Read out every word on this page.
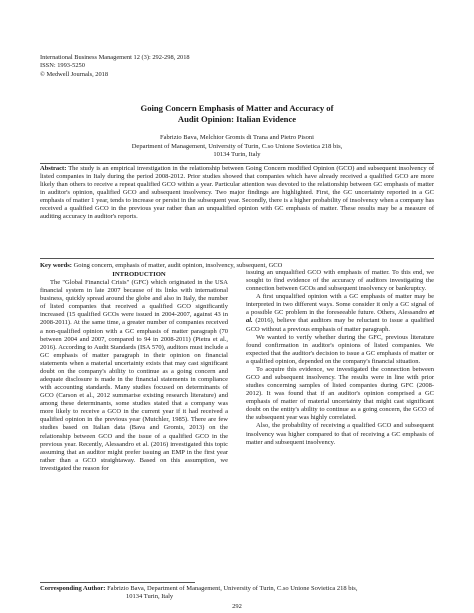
International Business Management 12 (3): 292-298, 2018
ISSN: 1993-5250
© Medwell Journals, 2018
Going Concern Emphasis of Matter and Accuracy of
Audit Opinion: Italian Evidence
Fabrizio Bava, Melchior Gromis di Trana and Pietro Pisoni
Department of Management, University of Turin, C.so Unione Sovietica 218 bis,
10134 Turin, Italy
Abstract: The study is an empirical investigation in the relationship between Going Concern modified Opinion (GCO) and subsequent insolvency of listed companies in Italy during the period 2008-2012. Prior studies showed that companies which have already received a qualified GCO are more likely than others to receive a repeat qualified GCO within a year. Particular attention was devoted to the relationship between GC emphasis of matter in auditor's opinion, qualified GCO and subsequent insolvency. Two major findings are highlighted. First, the GC uncertainty reported in a GC emphasis of matter 1 year, tends to increase or persist in the subsequent year. Secondly, there is a higher probability of insolvency when a company has received a qualified GCO in the previous year rather than an unqualified opinion with GC emphasis of matter. These results may be a measure of auditing accuracy in auditor's reports.
Key words: Going concern, emphasis of matter, audit opinion, insolvency, subsequent, GCO

INTRODUCTION

The "Global Financial Crisis" (GFC) which originated in the USA financial system in late 2007 because of its links with international business, quickly spread around the globe and also in Italy, the number of listed companies that received a qualified GCO significantly increased (15 qualified GCOs were issued in 2004-2007, against 43 in 2008-2011). At the same time, a greater number of companies received a non-qualified opinion with a GC emphasis of matter paragraph (70 between 2004 and 2007, compared to 94 in 2008-2011) (Pietra et al., 2016). According to Audit Standards (ISA 570), auditors must include a GC emphasis of matter paragraph in their opinion on financial statements when a material uncertainty exists that may cast significant doubt on the company's ability to continue as a going concern and adequate disclosure is made in the financial statements in compliance with accounting standards. Many studies focused on determinants of GCO (Carson et al., 2012 summarise existing research literature) and among these determinants, some studies stated that a company was more likely to receive a GCO in the current year if it had received a qualified opinion in the previous year (Mutchler, 1985). There are few studies based on Italian data (Bava and Gromis, 2013) on the relationship between GCO and the issue of a qualified GCO in the previous year. Recently, Alessandro et al. (2016) investigated this topic assuming that an auditor might prefer issuing an EMP in the first year rather than a GCO straightaway. Based on this assumption, we investigated the reason for

issuing an unqualified GCO with emphasis of matter. To this end, we sought to find evidence of the accuracy of auditors investigating the connection between GCOs and subsequent insolvency or bankruptcy.

A first unqualified opinion with a GC emphasis of matter may be interpreted in two different ways. Some consider it only a GC signal of a possible GC problem in the foreseeable future. Others, Alessandro et al. (2016), believe that auditors may be reluctant to issue a qualified GCO without a previous emphasis of matter paragraph.

We wanted to verify whether during the GFC, previous literature found confirmation in auditor's opinions of listed companies. We expected that the auditor's decision to issue a GC emphasis of matter or a qualified opinion, depended on the company's financial situation.

To acquire this evidence, we investigated the connection between GCO and subsequent insolvency. The results were in line with prior studies concerning samples of listed companies during GFC (2008-2012). It was found that if an auditor's opinion comprised a GC emphasis of matter of material uncertainty that might cast significant doubt on the entity's ability to continue as a going concern, the GCO of the subsequent year was highly correlated.

Also, the probability of receiving a qualified GCO and subsequent insolvency was higher compared to that of receiving a GC emphasis of matter and subsequent insolvency.

Corresponding Author: Fabrizio Bava, Department of Management, University of Turin, C.so Unione Sovietica 218 bis,
10134 Turin, Italy
292
